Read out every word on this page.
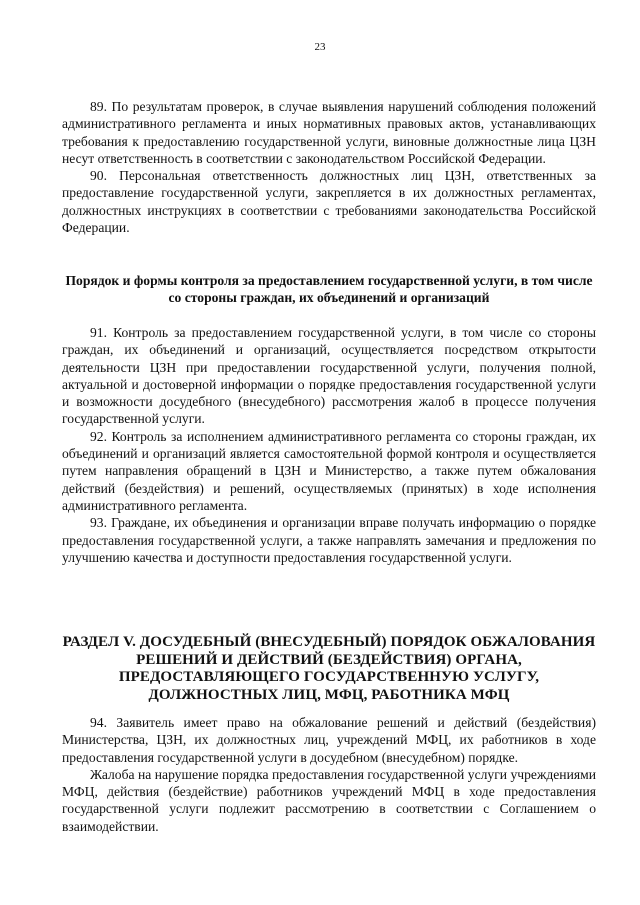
23

89. По результатам проверок, в случае выявления нарушений соблюдения положений административного регламента и иных нормативных правовых актов, устанавливающих требования к предоставлению государственной услуги, виновные должностные лица ЦЗН несут ответственность в соответствии с законодательством Российской Федерации.

90. Персональная ответственность должностных лиц ЦЗН, ответственных за предоставление государственной услуги, закрепляется в их должностных регламентах, должностных инструкциях в соответствии с требованиями законодательства Российской Федерации.

Порядок и формы контроля за предоставлением государственной услуги, в том числе со стороны граждан, их объединений и организаций

91. Контроль за предоставлением государственной услуги, в том числе со стороны граждан, их объединений и организаций, осуществляется посредством открытости деятельности ЦЗН при предоставлении государственной услуги, получения полной, актуальной и достоверной информации о порядке предоставления государственной услуги и возможности досудебного (внесудебного) рассмотрения жалоб в процессе получения государственной услуги.

92. Контроль за исполнением административного регламента со стороны граждан, их объединений и организаций является самостоятельной формой контроля и осуществляется путем направления обращений в ЦЗН и Министерство, а также путем обжалования действий (бездействия) и решений, осуществляемых (принятых) в ходе исполнения административного регламента.

93. Граждане, их объединения и организации вправе получать информацию о порядке предоставления государственной услуги, а также направлять замечания и предложения по улучшению качества и доступности предоставления государственной услуги.

РАЗДЕЛ V. ДОСУДЕБНЫЙ (ВНЕСУДЕБНЫЙ) ПОРЯДОК ОБЖАЛОВАНИЯ РЕШЕНИЙ И ДЕЙСТВИЙ (БЕЗДЕЙСТВИЯ) ОРГАНА, ПРЕДОСТАВЛЯЮЩЕГО ГОСУДАРСТВЕННУЮ УСЛУГУ, ДОЛЖНОСТНЫХ ЛИЦ, МФЦ, РАБОТНИКА МФЦ

94. Заявитель имеет право на обжалование решений и действий (бездействия) Министерства, ЦЗН, их должностных лиц, учреждений МФЦ, их работников в ходе предоставления государственной услуги в досудебном (внесудебном) порядке.

Жалоба на нарушение порядка предоставления государственной услуги учреждениями МФЦ, действия (бездействие) работников учреждений МФЦ в ходе предоставления государственной услуги подлежит рассмотрению в соответствии с Соглашением о взаимодействии.
